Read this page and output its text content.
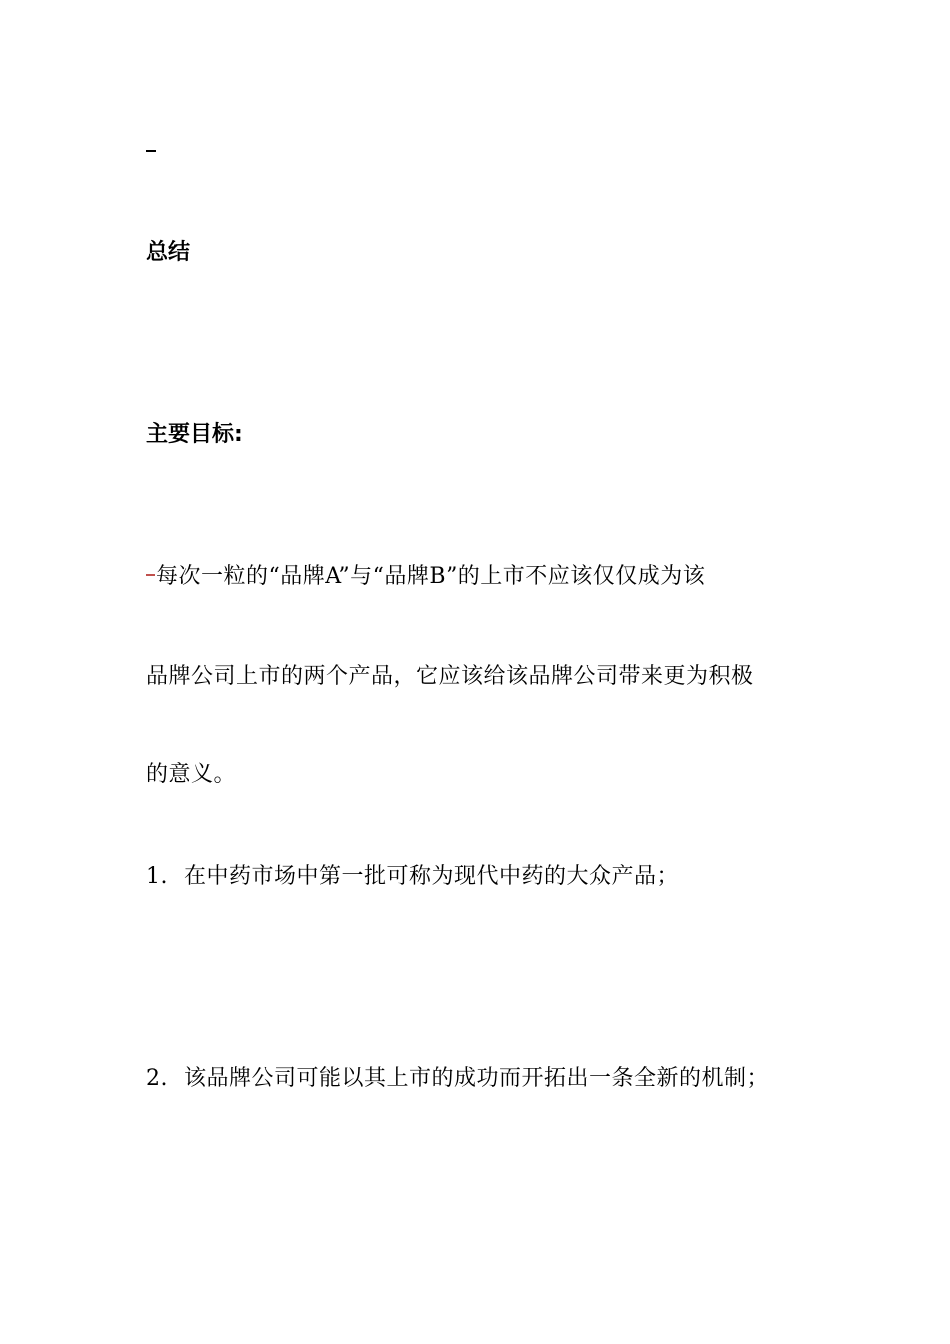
总结
主要目标:
每次一粒的“品牌A”与“品牌B”的上市不应该仅仅成为该
品牌公司上市的两个产品，它应该给该品牌公司带来更为积极
的意义。
1. 在中药市场中第一批可称为现代中药的大众产品；
2. 该品牌公司可能以其上市的成功而开拓出一条全新的机制；
